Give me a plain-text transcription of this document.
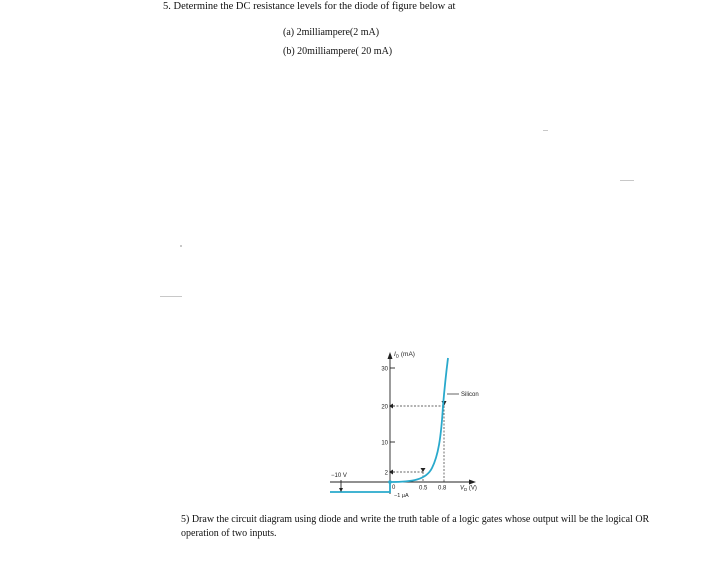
5. Determine the DC resistance levels for the diode of figure below at
(a) 2milliampere(2 mA)
(b) 20milliampere( 20 mA)
$I_D$ (mA)
30
20
10
2
−10 V
0	0.5 0.8 $V_D$ (V)
−1 µA
Silicon
5) Draw the circuit diagram using diode and write the truth table of a logic gates whose output will be the logical OR operation of two inputs.
